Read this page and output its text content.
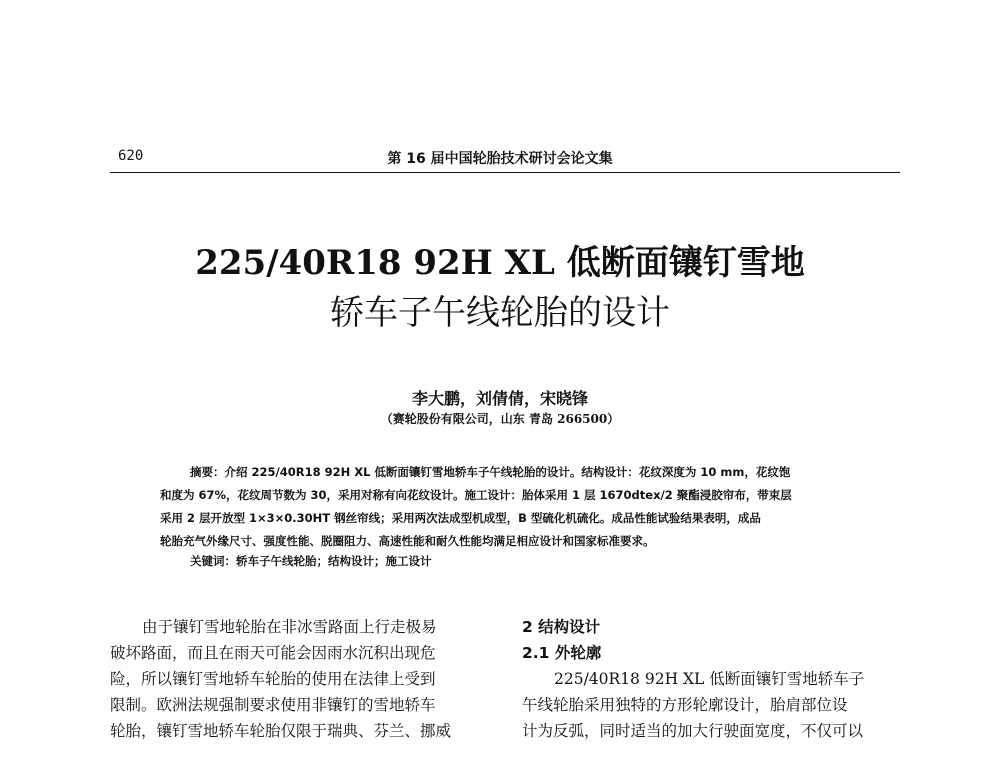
620	第 16 届中国轮胎技术研讨会论文集
225/40R18 92H XL 低断面镶钉雪地
轿车子午线轮胎的设计
李大鹏，刘倩倩，宋晓锋
（赛轮股份有限公司，山东 青岛 266500）
摘要：介绍 225/40R18 92H XL 低断面镶钉雪地轿车子午线轮胎的设计。结构设计：花纹深度为 10 mm，花纹饱
和度为 67%，花纹周节数为 30，采用对称有向花纹设计。施工设计：胎体采用 1 层 1670dtex/2 聚酯浸胶帘布，带束层
采用 2 层开放型 1×3×0.30HT 钢丝帘线；采用两次法成型机成型，B 型硫化机硫化。成品性能试验结果表明，成品
轮胎充气外缘尺寸、强度性能、脱圈阻力、高速性能和耐久性能均满足相应设计和国家标准要求。
关键词：轿车子午线轮胎；结构设计；施工设计
由于镶钉雪地轮胎在非冰雪路面上行走极易
破坏路面，而且在雨天可能会因雨水沉积出现危
险，所以镶钉雪地轿车轮胎的使用在法律上受到
限制。欧洲法规强制要求使用非镶钉的雪地轿车
轮胎，镶钉雪地轿车轮胎仅限于瑞典、芬兰、挪威
2 结构设计
2.1 外轮廓
225/40R18 92H XL 低断面镶钉雪地轿车子
午线轮胎采用独特的方形轮廓设计，胎肩部位设
计为反弧，同时适当的加大行驶面宽度，不仅可以
